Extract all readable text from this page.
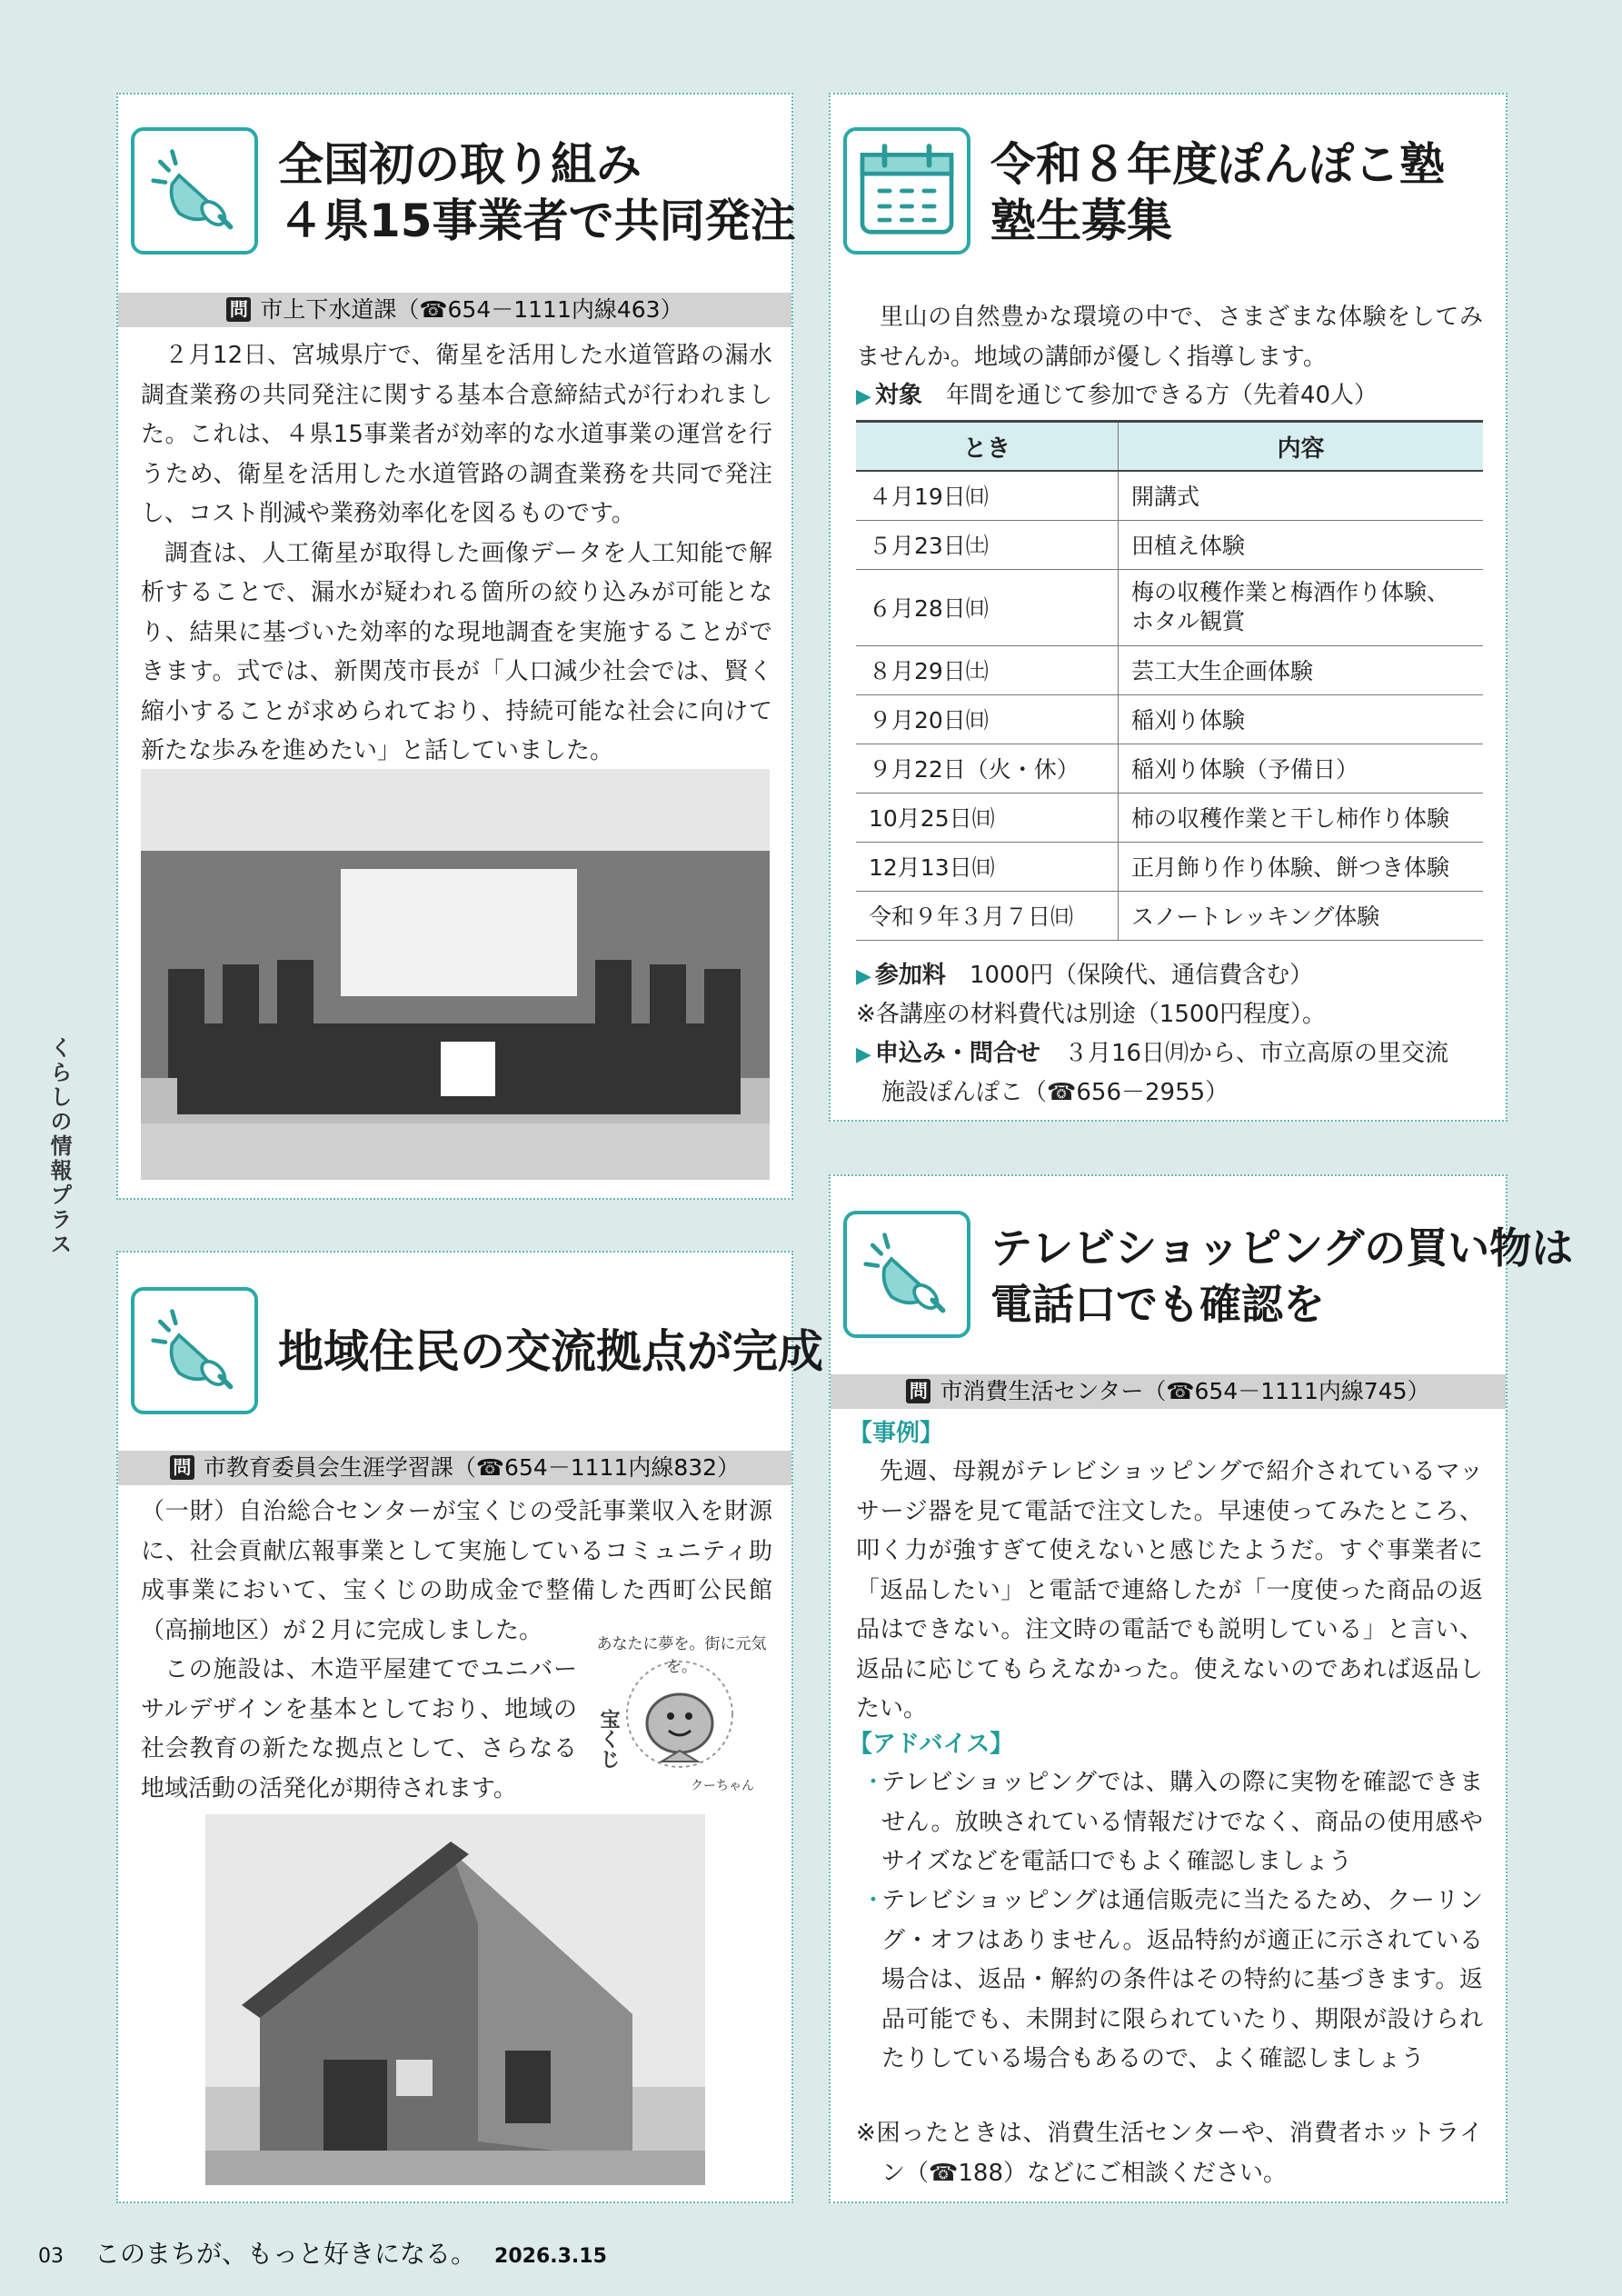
くらしの情報プラス
全国初の取り組み
４県15事業者で共同発注
問 市上下水道課（☎654－1111内線463）

２月12日、宮城県庁で、衛星を活用した水道管路の漏水調査業務の共同発注に関する基本合意締結式が行われました。これは、４県15事業者が効率的な水道事業の運営を行うため、衛星を活用した水道管路の調査業務を共同で発注し、コスト削減や業務効率化を図るものです。

調査は、人工衛星が取得した画像データを人工知能で解析することで、漏水が疑われる箇所の絞り込みが可能となり、結果に基づいた効率的な現地調査を実施することができます。式では、新関茂市長が「人口減少社会では、賢く縮小することが求められており、持続可能な社会に向けて新たな歩みを進めたい」と話していました。

令和８年度ぽんぽこ塾
塾生募集

里山の自然豊かな環境の中で、さまざまな体験をしてみませんか。地域の講師が優しく指導します。

▶ 対象　 年間を通じて参加できる方（先着40人）
とき	内容
４月19日㈰	開講式
５月23日㈯	田植え体験
６月28日㈰	梅の収穫作業と梅酒作り体験、ホタル観賞
８月29日㈯	芸工大生企画体験
９月20日㈰	稲刈り体験
９月22日（火・休）	稲刈り体験（予備日）
10月25日㈰	柿の収穫作業と干し柿作り体験
12月13日㈰	正月飾り作り体験、餅つき体験
令和９年３月７日㈰	スノートレッキング体験
▶ 参加料　 1000円（保険代、通信費含む）
※各講座の材料費代は別途（1500円程度）。
▶ 申込み・問合せ　 ３月16日㈪から、市立高原の里交流
施設ぽんぽこ（☎656－2955）
地域住民の交流拠点が完成
問 市教育委員会生涯学習課（☎654－1111内線832）

（一財）自治総合センターが宝くじの受託事業収入を財源に、社会貢献広報事業として実施しているコミュニティ助成事業において、宝くじの助成金で整備した西町公民館（高揃地区）が２月に完成しました。

この施設は、木造平屋建てでユニバーサルデザインを基本としており、地域の社会教育の新たな拠点として、さらなる地域活動の活発化が期待されます。

あなたに夢を。街に元気を。
宝くじ
クーちゃん
テレビショッピングの買い物は
電話口でも確認を
問 市消費生活センター（☎654－1111内線745）
【事例】

先週、母親がテレビショッピングで紹介されているマッサージ器を見て電話で注文した。早速使ってみたところ、叩く力が強すぎて使えないと感じたようだ。すぐ事業者に「返品したい」と電話で連絡したが「一度使った商品の返品はできない。注文時の電話でも説明している」と言い、返品に応じてもらえなかった。使えないのであれば返品したい。

【アドバイス】
・
テレビショッピングでは、購入の際に実物を確認できません。放映されている情報だけでなく、商品の使用感やサイズなどを電話口でもよく確認しましょう
・
テレビショッピングは通信販売に当たるため、クーリング・オフはありません。返品特約が適正に示されている場合は、返品・解約の条件はその特約に基づきます。返品可能でも、未開封に限られていたり、期限が設けられたりしている場合もあるので、よく確認しましょう
※困ったときは、消費生活センターや、消費者ホットライン（☎188）などにご相談ください。
03 このまちが、もっと好きになる。 2026.3.15
